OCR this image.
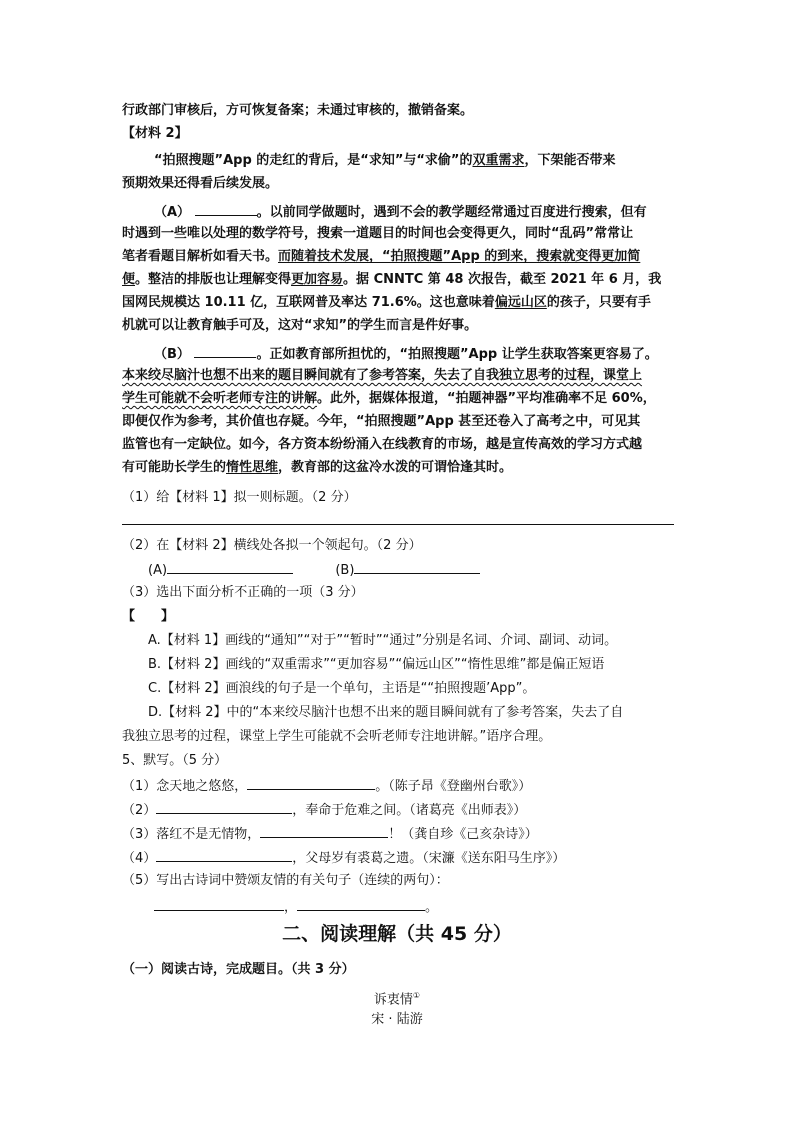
行政部门审核后，方可恢复备案；未通过审核的，撤销备案。
【材料 2】
“拍照搜题”App 的走红的背后，是“求知”与“求偷”的双重需求，下架能否带来
预期效果还得看后续发展。
（A）	。以前同学做题时，遇到不会的教学题经常通过百度进行搜索，但有
时遇到一些唯以处理的数学符号，搜索一道题目的时间也会变得更久，同时“乱码”常常让
笔者看题目解析如看天书。而随着技术发展，“拍照搜题”App 的到来，搜索就变得更加简
便。整洁的排版也让理解变得更加容易。据 CNNTC 第 48 次报告，截至 2021 年 6 月，我
国网民规模达 10.11 亿，互联网普及率达 71.6%。这也意味着偏远山区的孩子，只要有手
机就可以让教育触手可及，这对“求知”的学生而言是件好事。
（B）	。正如教育部所担忧的，“拍照搜题”App 让学生获取答案更容易了。
本来绞尽脑汁也想不出来的题目瞬间就有了参考答案，失去了自我独立思考的过程，课堂上
学生可能就不会听老师专注的讲解。此外，据媒体报道，“拍题神器”平均准确率不足 60%，
即便仅作为参考，其价值也存疑。今年，“拍照搜题”App 甚至还卷入了高考之中，可见其
监管也有一定缺位。如今，各方资本纷纷涌入在线教育的市场，越是宣传高效的学习方式越
有可能助长学生的惰性思维，教育部的这盆冷水泼的可谓恰逢其时。
（1）给【材料 1】拟一则标题。（2 分）
（2）在【材料 2】横线处各拟一个领起句。（2 分）
(A)	(B)
（3）选出下面分析不正确的一项（3 分）
【　　】
A.【材料 1】画线的“通知”“对于”“暂时”“通过”分别是名词、介词、副词、动词。
B.【材料 2】画线的“双重需求”“更加容易”“偏远山区”“惰性思维”都是偏正短语
C.【材料 2】画浪线的句子是一个单句，主语是““拍照搜题’App”。
D.【材料 2】中的“本来绞尽脑汁也想不出来的题目瞬间就有了参考答案，失去了自
我独立思考的过程，课堂上学生可能就不会听老师专注地讲解。”语序合理。
5、默写。（5 分）
（1）念天地之悠悠，	。（陈子昂《登幽州台歌》）
（2）	，奉命于危难之间。（诸葛亮《出师表》）
（3）落红不是无情物，	！（龚自珍《己亥杂诗》）
（4）	，父母岁有裘葛之遗。（宋濂《送东阳马生序》）
（5）写出古诗词中赞颂友情的有关句子（连续的两句）：
，	。
二、阅读理解（共 45 分）
（一）阅读古诗，完成题目。（共 3 分）
诉衷情①
宋 · 陆游
